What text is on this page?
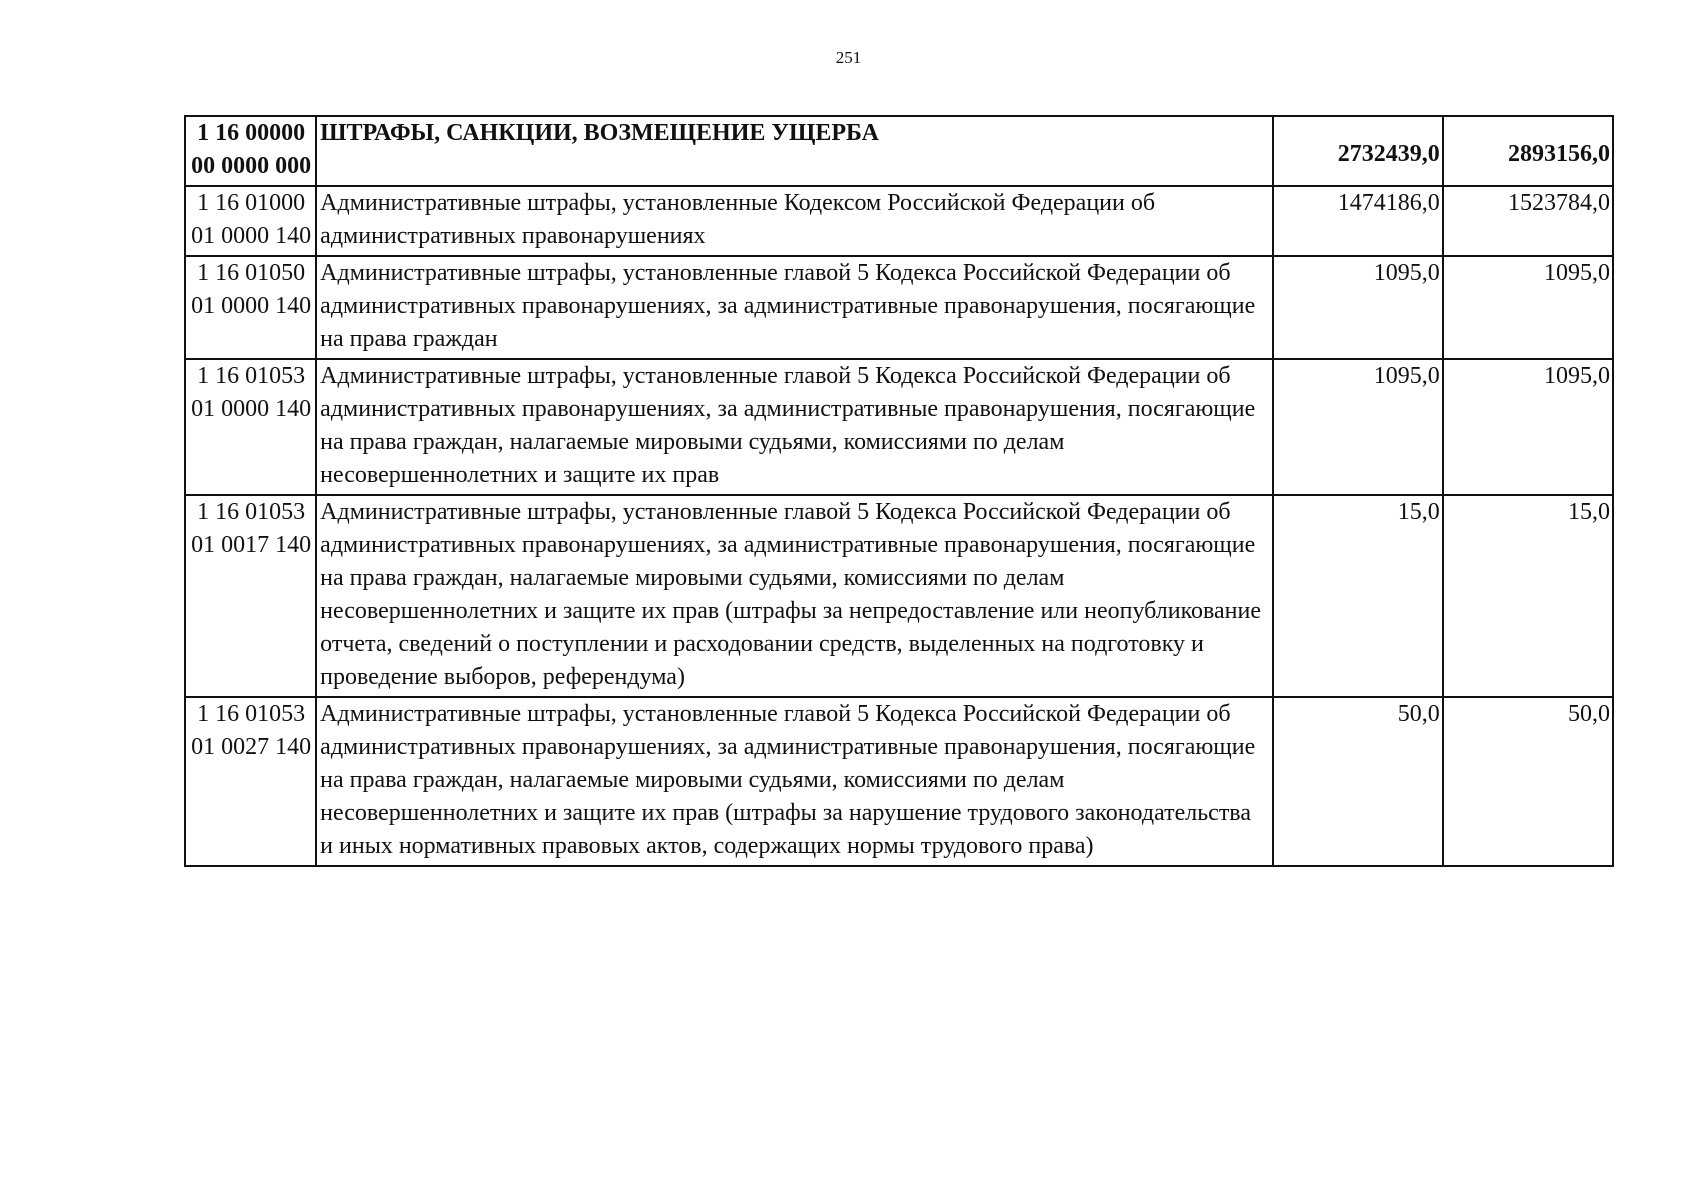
251
1 16 00000 00 0000 000	ШТРАФЫ, САНКЦИИ, ВОЗМЕЩЕНИЕ УЩЕРБА	2732439,0	2893156,0
1 16 01000 01 0000 140	Административные штрафы, установленные Кодексом Российской Федерации об административных правонарушениях	1474186,0	1523784,0
1 16 01050 01 0000 140	Административные штрафы, установленные главой 5 Кодекса Российской Федерации об административных правонарушениях, за административные правонарушения, посягающие на права граждан	1095,0	1095,0
1 16 01053 01 0000 140	Административные штрафы, установленные главой 5 Кодекса Российской Федерации об административных правонарушениях, за административные правонарушения, посягающие на права граждан, налагаемые мировыми судьями, комиссиями по делам несовершеннолетних и защите их прав	1095,0	1095,0
1 16 01053 01 0017 140	Административные штрафы, установленные главой 5 Кодекса Российской Федерации об административных правонарушениях, за административные правонарушения, посягающие на права граждан, налагаемые мировыми судьями, комиссиями по делам несовершеннолетних и защите их прав (штрафы за непредоставление или неопубликование отчета, сведений о поступлении и расходовании средств, выделенных на подготовку и проведение выборов, референдума)	15,0	15,0
1 16 01053 01 0027 140	Административные штрафы, установленные главой 5 Кодекса Российской Федерации об административных правонарушениях, за административные правонарушения, посягающие на права граждан, налагаемые мировыми судьями, комиссиями по делам несовершеннолетних и защите их прав (штрафы за нарушение трудового законодательства и иных нормативных правовых актов, содержащих нормы трудового права)	50,0	50,0
